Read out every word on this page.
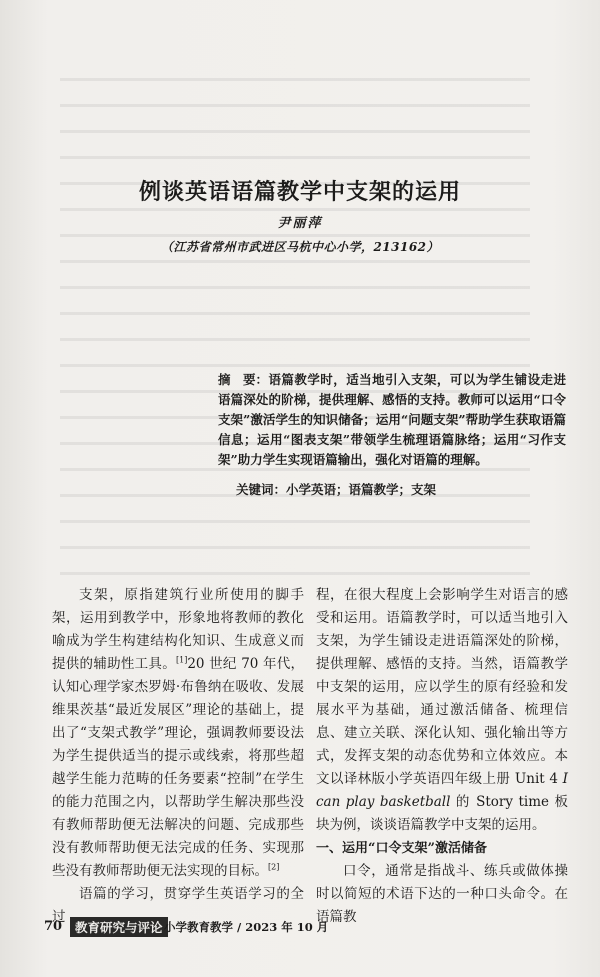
例谈英语语篇教学中支架的运用
尹丽萍
（江苏省常州市武进区马杭中心小学，213162）
摘　要：语篇教学时，适当地引入支架，可以为学生铺设走进语篇深处的阶梯，提供理解、感悟的支持。教师可以运用“口令支架”激活学生的知识储备；运用“问题支架”帮助学生获取语篇信息；运用“图表支架”带领学生梳理语篇脉络；运用“习作支架”助力学生实现语篇输出，强化对语篇的理解。
关键词：小学英语；语篇教学；支架

支架，原指建筑行业所使用的脚手架，运用到教学中，形象地将教师的教化喻成为学生构建结构化知识、生成意义而提供的辅助性工具。[1]20 世纪 70 年代，认知心理学家杰罗姆·布鲁纳在吸收、发展维果茨基“最近发展区”理论的基础上，提出了“支架式教学”理论，强调教师要设法为学生提供适当的提示或线索，将那些超越学生能力范畴的任务要素“控制”在学生的能力范围之内，以帮助学生解决那些没有教师帮助便无法解决的问题、完成那些没有教师帮助便无法完成的任务、实现那些没有教师帮助便无法实现的目标。[2]

语篇的学习，贯穿学生英语学习的全过

程，在很大程度上会影响学生对语言的感受和运用。语篇教学时，可以适当地引入支架，为学生铺设走进语篇深处的阶梯，提供理解、感悟的支持。当然，语篇教学中支架的运用，应以学生的原有经验和发展水平为基础，通过激活储备、梳理信息、建立关联、深化认知、强化输出等方式，发挥支架的动态优势和立体效应。本文以译林版小学英语四年级上册 Unit 4 I can play basketball 的 Story time 板块为例，谈谈语篇教学中支架的运用。

一、运用“口令支架”激活储备

口令，通常是指战斗、练兵或做体操时以简短的术语下达的一种口头命令。在语篇教

70	教育研究与评论 小学教育教学 / 2023 年 10 月
